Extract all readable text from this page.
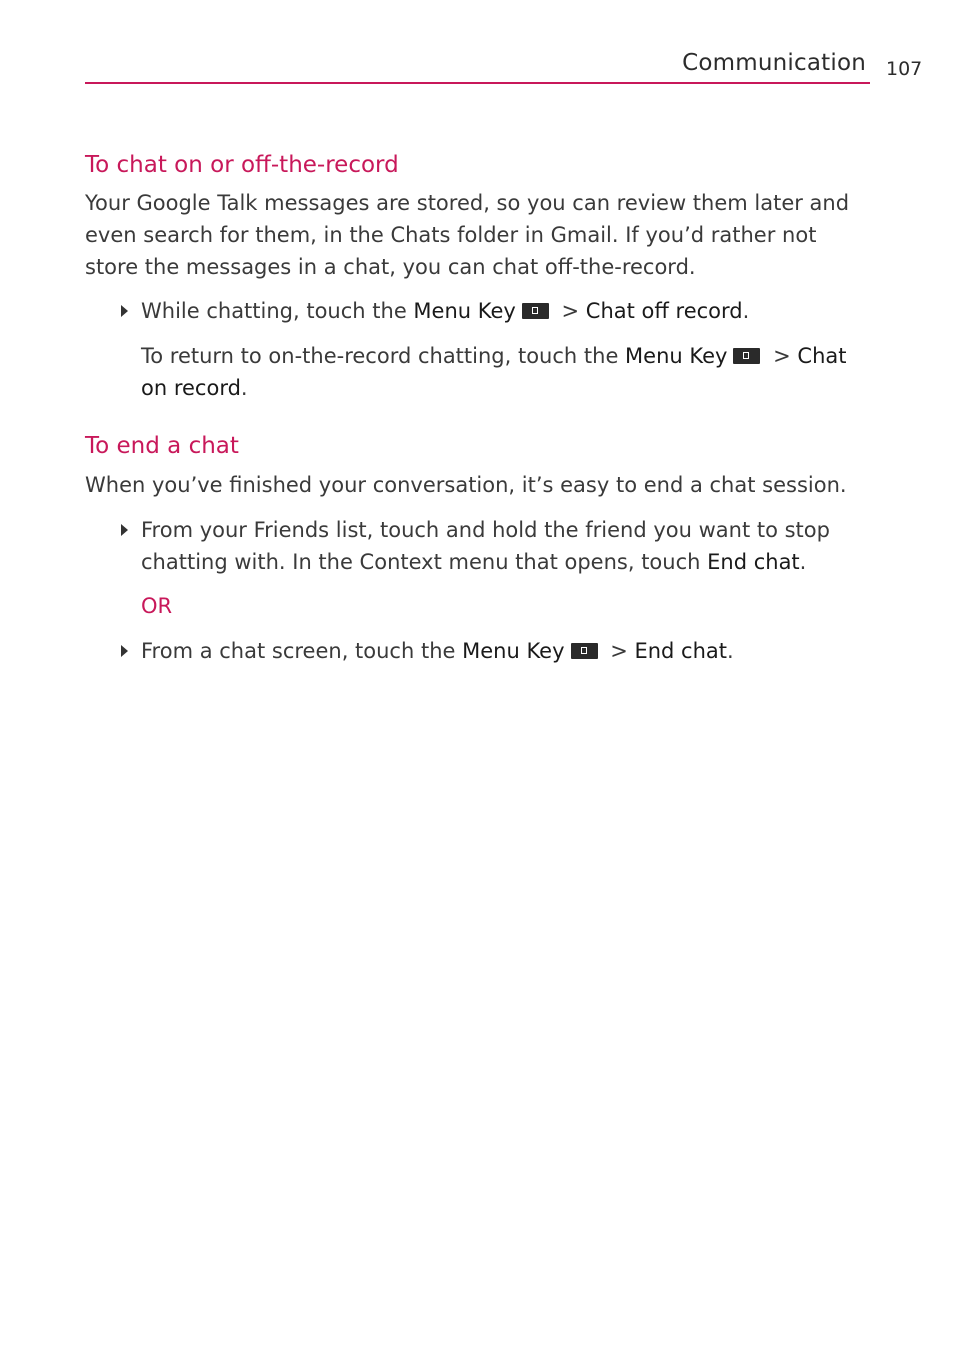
Communication 107
To chat on or off-the-record

Your Google Talk messages are stored, so you can review them later and even search for them, in the Chats folder in Gmail. If you’d rather not store the messages in a chat, you can chat off-the-record.

While chatting, touch the Menu Key > Chat off record.
To return to on-the-record chatting, touch the Menu Key > Chat on record.
To end a chat

When you’ve finished your conversation, it’s easy to end a chat session.

From your Friends list, touch and hold the friend you want to stop chatting with. In the Context menu that opens, touch End chat.
OR
From a chat screen, touch the Menu Key > End chat.
